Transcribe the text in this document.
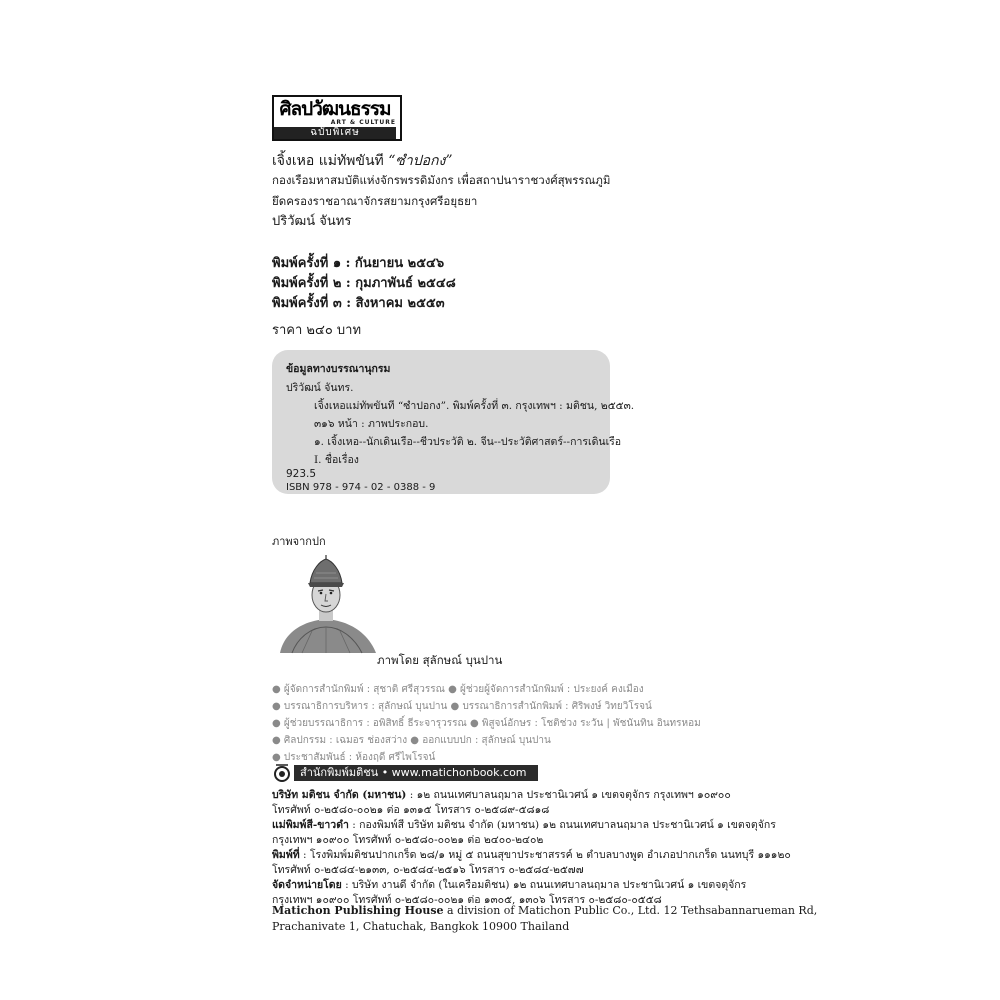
ศิลปวัฒนธรรม
ART & CULTURE
ฉบับพิเศษ
เจิ้งเหอ แม่ทัพขันที “ซำปอกง”
กองเรือมหาสมบัติแห่งจักรพรรดิมังกร เพื่อสถาปนาราชวงศ์สุพรรณภูมิ
ยึดครองราชอาณาจักรสยามกรุงศรีอยุธยา
ปริวัฒน์ จันทร
พิมพ์ครั้งที่ ๑ : กันยายน ๒๕๔๖
พิมพ์ครั้งที่ ๒ : กุมภาพันธ์ ๒๕๔๘
พิมพ์ครั้งที่ ๓ : สิงหาคม ๒๕๕๓
ราคา ๒๔๐ บาท
ข้อมูลทางบรรณานุกรม
ปริวัฒน์ จันทร.
เจิ้งเหอแม่ทัพขันที “ซำปอกง”. พิมพ์ครั้งที่ ๓. กรุงเทพฯ : มติชน, ๒๕๕๓.
๓๑๖ หน้า : ภาพประกอบ.
๑. เจิ้งเหอ--นักเดินเรือ--ชีวประวัติ ๒. จีน--ประวัติศาสตร์--การเดินเรือ
I. ชื่อเรื่อง
923.5
ISBN 978 - 974 - 02 - 0388 - 9
ภาพจากปก
ภาพโดย สุลักษณ์ บุนปาน
● ผู้จัดการสำนักพิมพ์ : สุชาติ ศรีสุวรรณ ● ผู้ช่วยผู้จัดการสำนักพิมพ์ : ประยงค์ คงเมือง
● บรรณาธิการบริหาร : สุลักษณ์ บุนปาน ● บรรณาธิการสำนักพิมพ์ : ศิริพงษ์ วิทยวิโรจน์
● ผู้ช่วยบรรณาธิการ : อพิสิทธิ์ ธีระจารุวรรณ ● พิสูจน์อักษร : โชติช่วง ระวัน | พัชนันทิน อินทรหอม
● ศิลปกรรม : เฉมอร ช่องสว่าง ● ออกแบบปก : สุลักษณ์ บุนปาน
● ประชาสัมพันธ์ : ห้องฤดี ศรีไพโรจน์
สำนักพิมพ์มติชน • www.matichonbook.com
บริษัท มติชน จำกัด (มหาชน) : ๑๒ ถนนเทศบาลนฤมาล ประชานิเวศน์ ๑ เขตจตุจักร กรุงเทพฯ ๑๐๙๐๐
โทรศัพท์ ๐-๒๕๘๐-๐๐๒๑ ต่อ ๑๓๑๕ โทรสาร ๐-๒๕๘๙-๕๘๑๘
แม่พิมพ์สี-ขาวดำ : กองพิมพ์สี บริษัท มติชน จำกัด (มหาชน) ๑๒ ถนนเทศบาลนฤมาล ประชานิเวศน์ ๑ เขตจตุจักร
กรุงเทพฯ ๑๐๙๐๐ โทรศัพท์ ๐-๒๕๘๐-๐๐๒๑ ต่อ ๒๔๐๐-๒๔๐๒
พิมพ์ที่ : โรงพิมพ์มติชนปากเกร็ด ๒๘/๑ หมู่ ๕ ถนนสุขาประชาสรรค์ ๒ ตำบลบางพูด อำเภอปากเกร็ด นนทบุรี ๑๑๑๒๐
โทรศัพท์ ๐-๒๕๘๔-๒๑๓๓, ๐-๒๕๘๔-๒๕๑๖ โทรสาร ๐-๒๕๘๔-๒๕๗๗
จัดจำหน่ายโดย : บริษัท งานดี จำกัด (ในเครือมติชน) ๑๒ ถนนเทศบาลนฤมาล ประชานิเวศน์ ๑ เขตจตุจักร
กรุงเทพฯ ๑๐๙๐๐ โทรศัพท์ ๐-๒๕๘๐-๐๐๒๑ ต่อ ๑๓๐๕, ๑๓๐๖ โทรสาร ๐-๒๕๘๐-๐๕๕๘
Matichon Publishing House a division of Matichon Public Co., Ltd. 12 Tethsabannarueman Rd,
Prachanivate 1, Chatuchak, Bangkok 10900 Thailand
